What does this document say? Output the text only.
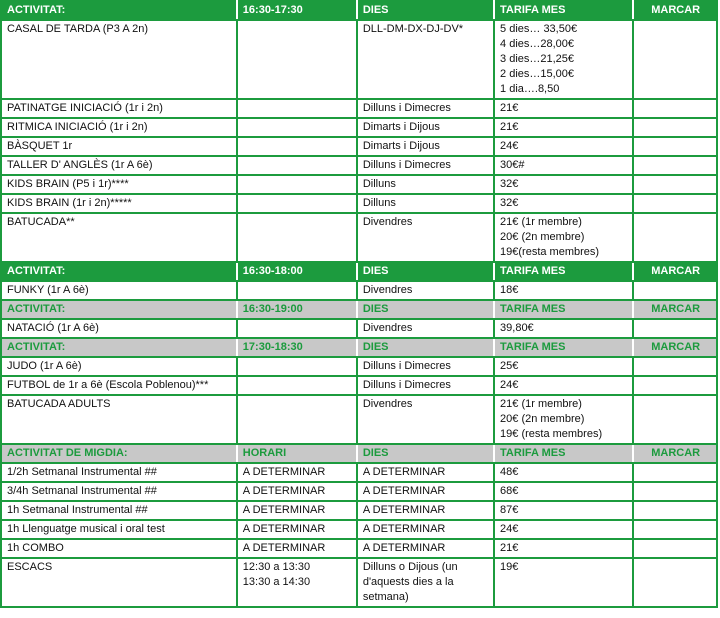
ACTIVITAT:	16:30-17:30	DIES	TARIFA MES	MARCAR
CASAL DE TARDA (P3 A 2n)		DLL-DM-DX-DJ-DV*	5 dies… 33,50€
4 dies…28,00€
3 dies…21,25€
2 dies…15,00€
1 dia….8,50	
PATINATGE INICIACIÓ (1r i 2n)		Dilluns i Dimecres	21€	
RITMICA INICIACIÓ (1r i 2n)		Dimarts i Dijous	21€	
BÀSQUET 1r		Dimarts i Dijous	24€	
TALLER D' ANGLÈS (1r A 6è)		Dilluns i Dimecres	30€#	
KIDS BRAIN (P5 i 1r)****		Dilluns	32€	
KIDS BRAIN (1r i 2n)*****		Dilluns	32€	
BATUCADA**		Divendres	21€ (1r membre)
20€ (2n membre)
19€(resta membres)	
ACTIVITAT:	16:30-18:00	DIES	TARIFA MES	MARCAR
FUNKY (1r A 6è)		Divendres	18€	
ACTIVITAT:	16:30-19:00	DIES	TARIFA MES	MARCAR
NATACIÓ (1r A 6è)		Divendres	39,80€	
ACTIVITAT:	17:30-18:30	DIES	TARIFA MES	MARCAR
JUDO (1r A 6è)		Dilluns i Dimecres	25€	
FUTBOL de 1r a 6è (Escola Poblenou)***		Dilluns i Dimecres	24€	
BATUCADA ADULTS		Divendres	21€ (1r membre)
20€ (2n membre)
19€ (resta membres)	
ACTIVITAT DE MIGDIA:	HORARI	DIES	TARIFA MES	MARCAR
1/2h Setmanal Instrumental ##	A DETERMINAR	A DETERMINAR	48€	
3/4h Setmanal Instrumental ##	A DETERMINAR	A DETERMINAR	68€	
1h Setmanal Instrumental ##	A DETERMINAR	A DETERMINAR	87€	
1h Llenguatge musical i oral test	A DETERMINAR	A DETERMINAR	24€	
1h COMBO	A DETERMINAR	A DETERMINAR	21€	
ESCACS	12:30 a 13:30
13:30 a 14:30	Dilluns o Dijous (un d'aquests dies a la setmana)	19€	
